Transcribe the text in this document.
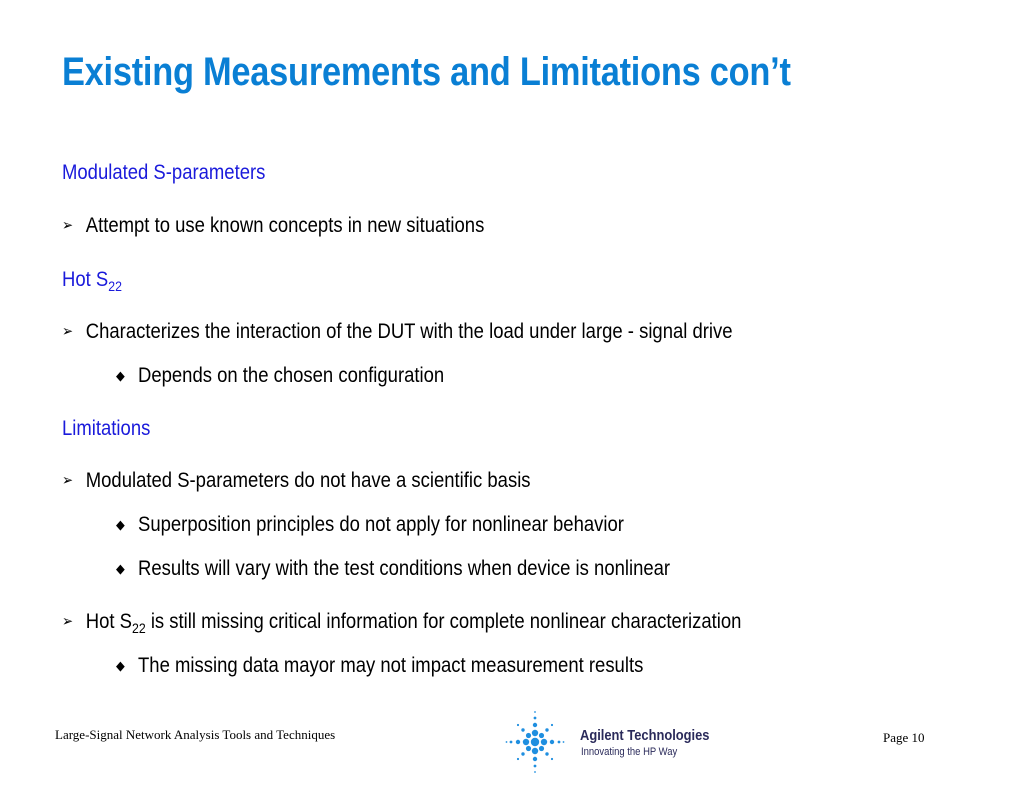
Existing Measurements and Limitations con’t
Modulated S-parameters
➢ Attempt to use known concepts in new situations
Hot $S_{22}$
➢ Characterizes the interaction of the DUT with the load under large - signal drive
◆ Depends on the chosen configuration
Limitations
➢ Modulated S-parameters do not have a scientific basis
◆ Superposition principles do not apply for nonlinear behavior
◆ Results will vary with the test conditions when device is nonlinear
➢ Hot $S_{22}$ is still missing critical information for complete nonlinear characterization
◆ The missing data mayor may not impact measurement results
Large-Signal Network Analysis Tools and Techniques	Agilent Technologies
Innovating the HP Way
Page 10
